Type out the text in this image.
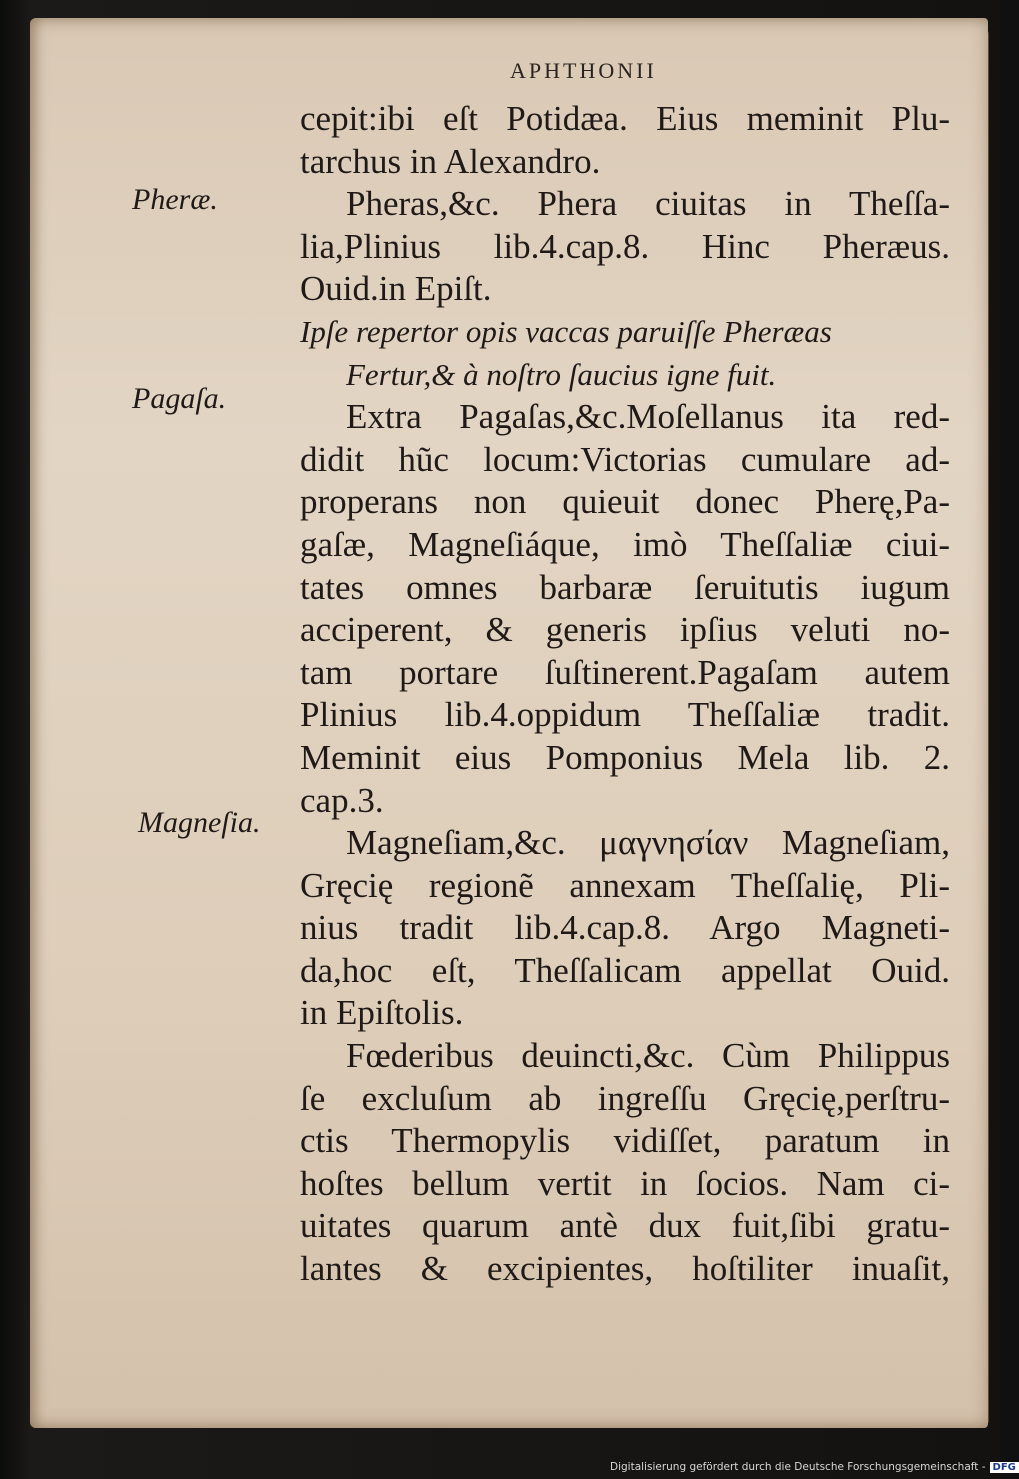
APHTHONII
Pheræ.
Pagaſa.
Magneſia.
cepit:ibi eſt Potidæa. Eius meminit Plu-
tarchus in Alexandro.
Pheras,&c. Phera ciuitas in Theſſa-
lia,Plinius lib.4.cap.8. Hinc Pheræus.
Ouid.in Epiſt.
Ipſe repertor opis vaccas paruiſſe Pheræas
Fertur,& à noſtro ſaucius igne fuit.
Extra Pagaſas,&c.Moſellanus ita red-
didit hũc locum:Victorias cumulare ad-
properans non quieuit donec Pherę,Pa-
gaſæ, Magneſiáque, imò Theſſaliæ ciui-
tates omnes barbaræ ſeruitutis iugum
acciperent, & generis ipſius veluti no-
tam portare ſuſtinerent.Pagaſam autem
Plinius lib.4.oppidum Theſſaliæ tradit.
Meminit eius Pomponius Mela lib. 2.
cap.3.
Magneſiam,&c. μαγνησίαν Magneſiam,
Gręcię regionẽ annexam Theſſalię, Pli-
nius tradit lib.4.cap.8. Argo Magneti-
da,hoc eſt, Theſſalicam appellat Ouid.
in Epiſtolis.
Fœderibus deuincti,&c. Cùm Philippus
ſe excluſum ab ingreſſu Gręcię,perſtru-
ctis Thermopylis vidiſſet, paratum in
hoſtes bellum vertit in ſocios. Nam ci-
uitates quarum antè dux fuit,ſibi gratu-
lantes & excipientes, hoſtiliter inuaſit,
Digitalisierung gefördert durch die Deutsche Forschungsgemeinschaft - DFG
